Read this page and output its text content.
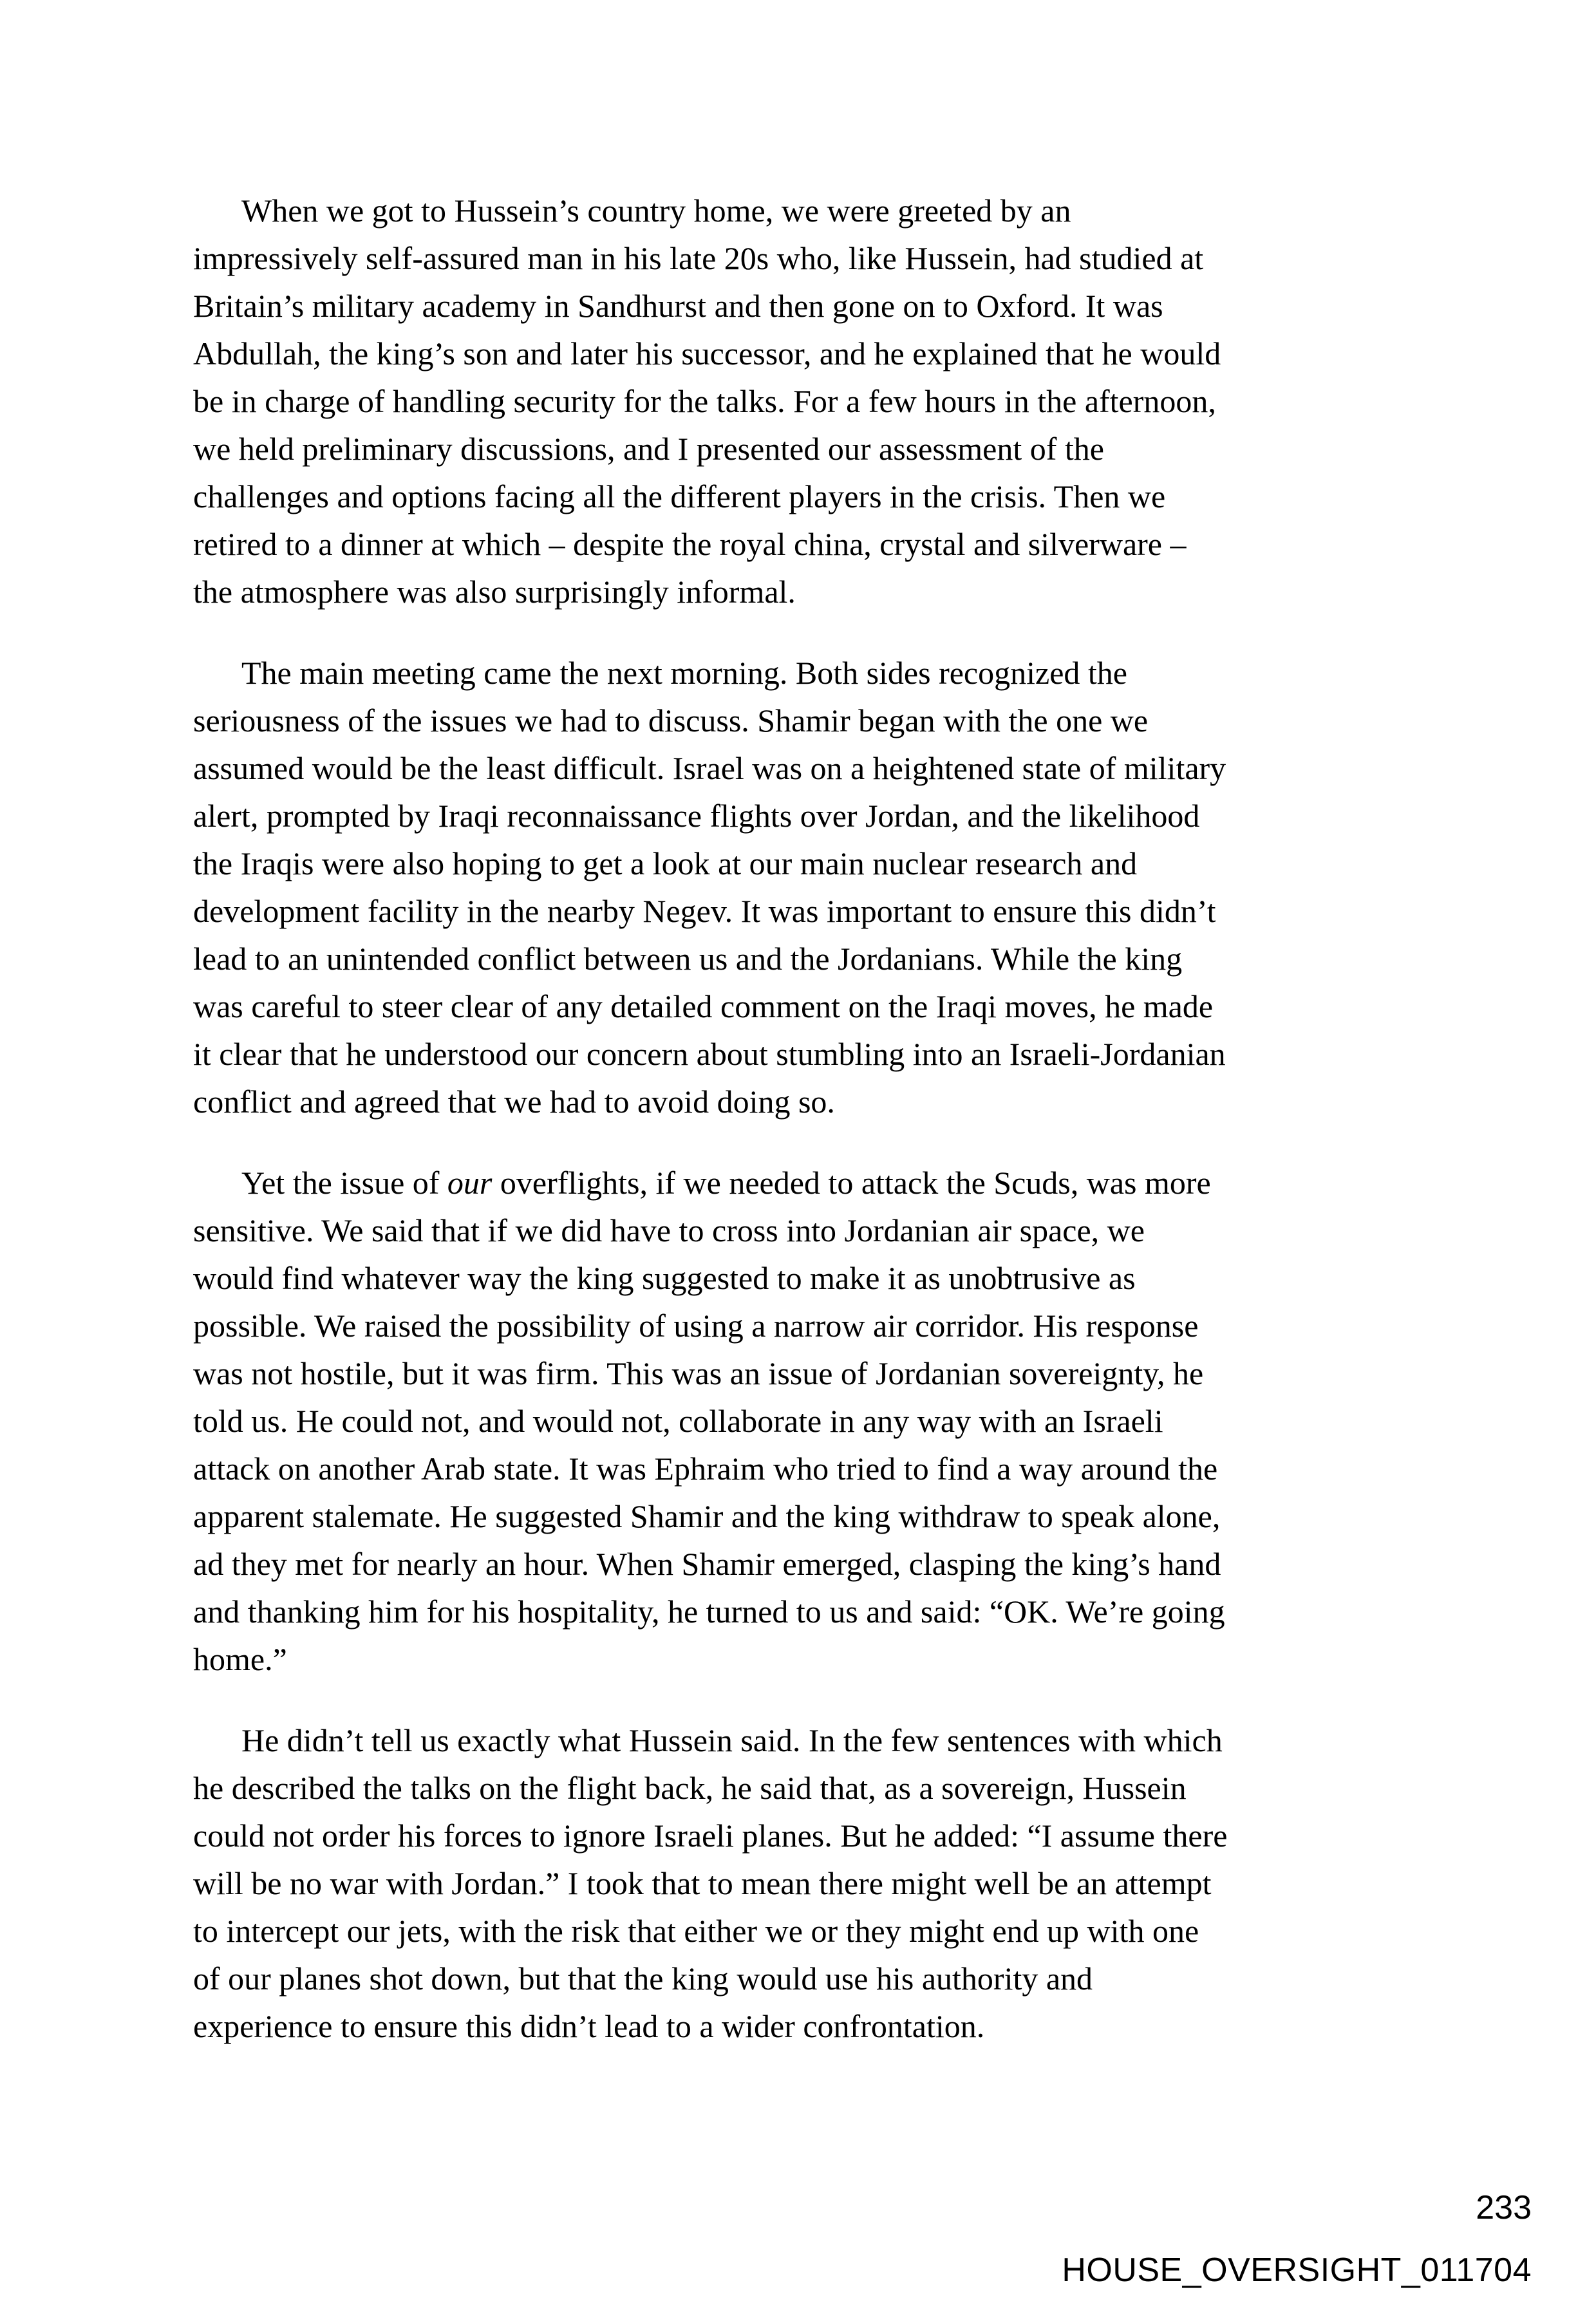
When we got to Hussein’s country home, we were greeted by an
impressively self-assured man in his late 20s who, like Hussein, had studied at
Britain’s military academy in Sandhurst and then gone on to Oxford. It was
Abdullah, the king’s son and later his successor, and he explained that he would
be in charge of handling security for the talks. For a few hours in the afternoon,
we held preliminary discussions, and I presented our assessment of the
challenges and options facing all the different players in the crisis. Then we
retired to a dinner at which – despite the royal china, crystal and silverware –
the atmosphere was also surprisingly informal.

The main meeting came the next morning. Both sides recognized the
seriousness of the issues we had to discuss. Shamir began with the one we
assumed would be the least difficult. Israel was on a heightened state of military
alert, prompted by Iraqi reconnaissance flights over Jordan, and the likelihood
the Iraqis were also hoping to get a look at our main nuclear research and
development facility in the nearby Negev. It was important to ensure this didn’t
lead to an unintended conflict between us and the Jordanians. While the king
was careful to steer clear of any detailed comment on the Iraqi moves, he made
it clear that he understood our concern about stumbling into an Israeli-Jordanian
conflict and agreed that we had to avoid doing so.

Yet the issue of our overflights, if we needed to attack the Scuds, was more
sensitive. We said that if we did have to cross into Jordanian air space, we
would find whatever way the king suggested to make it as unobtrusive as
possible. We raised the possibility of using a narrow air corridor. His response
was not hostile, but it was firm. This was an issue of Jordanian sovereignty, he
told us. He could not, and would not, collaborate in any way with an Israeli
attack on another Arab state. It was Ephraim who tried to find a way around the
apparent stalemate. He suggested Shamir and the king withdraw to speak alone,
ad they met for nearly an hour. When Shamir emerged, clasping the king’s hand
and thanking him for his hospitality, he turned to us and said: “OK. We’re going
home.”

He didn’t tell us exactly what Hussein said. In the few sentences with which
he described the talks on the flight back, he said that, as a sovereign, Hussein
could not order his forces to ignore Israeli planes. But he added: “I assume there
will be no war with Jordan.” I took that to mean there might well be an attempt
to intercept our jets, with the risk that either we or they might end up with one
of our planes shot down, but that the king would use his authority and
experience to ensure this didn’t lead to a wider confrontation.

233
HOUSE_OVERSIGHT_011704
